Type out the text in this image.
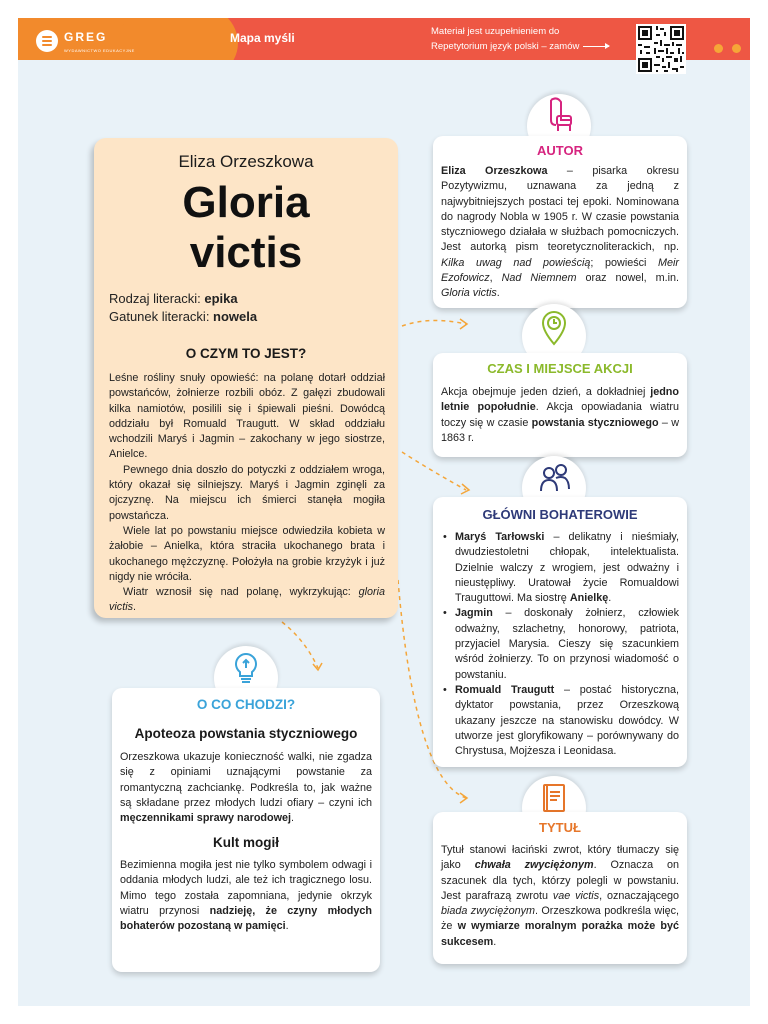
GREG
WYDAWNICTWO EDUKACYJNE
Mapa myśli	Materiał jest uzupełnieniem do
Repetytorium język polski – zamów
Eliza Orzeszkowa
Gloria
victis
Rodzaj literacki: epika
Gatunek literacki: nowela
O CZYM TO JEST?

Leśne rośliny snuły opowieść: na polanę dotarł oddział powstańców, żołnierze rozbili obóz. Z gałęzi zbudowali kilka namiotów, posilili się i śpiewali pieśni. Dowódcą oddziału był Romuald Traugutt. W skład oddziału wchodzili Maryś i Jagmin – zakochany w jego siostrze, Anielce.

Pewnego dnia doszło do potyczki z oddziałem wroga, który okazał się silniejszy. Maryś i Jagmin zginęli za ojczyznę. Na miejscu ich śmierci stanęła mogiła powstańcza.

Wiele lat po powstaniu miejsce odwiedziła kobieta w żałobie – Anielka, która straciła ukochanego brata i ukochanego mężczyznę. Położyła na grobie krzyżyk i już nigdy nie wróciła.

Wiatr wznosił się nad polanę, wykrzykując: gloria victis.

O CO CHODZI?
Apoteoza powstania styczniowego

Orzeszkowa ukazuje konieczność walki, nie zgadza się z opiniami uznającymi powstanie za romantyczną zachciankę. Podkreśla to, jak ważne są składane przez młodych ludzi ofiary – czyni ich męczennikami sprawy narodowej.

Kult mogił

Bezimienna mogiła jest nie tylko symbolem odwagi i oddania młodych ludzi, ale też ich tragicznego losu. Mimo tego została zapomniana, jedynie okrzyk wiatru przynosi nadzieję, że czyny młodych bohaterów pozostaną w pamięci.

AUTOR

Eliza Orzeszkowa – pisarka okresu Pozytywizmu, uznawana za jedną z najwybitniejszych postaci tej epoki. Nominowana do nagrody Nobla w 1905 r. W czasie powstania styczniowego działała w służbach pomocniczych. Jest autorką pism teoretycznoliterackich, np. Kilka uwag nad powieścią; powieści Meir Ezofowicz, Nad Niemnem oraz nowel, m.in. Gloria victis.

CZAS I MIEJSCE AKCJI

Akcja obejmuje jeden dzień, a dokładniej jedno letnie popołudnie. Akcja opowiadania wiatru toczy się w czasie powstania styczniowego – w 1863 r.

GŁÓWNI BOHATEROWIE
• Maryś Tarłowski – delikatny i nieśmiały, dwudziestoletni chłopak, intelektualista. Dzielnie walczy z wrogiem, jest odważny i nieustępliwy. Uratował życie Romualdowi Trauguttowi. Ma siostrę Anielkę.
• Jagmin – doskonały żołnierz, człowiek odważny, szlachetny, honorowy, patriota, przyjaciel Marysia. Cieszy się szacunkiem wśród żołnierzy. To on przynosi wiadomość o powstaniu.
• Romuald Traugutt – postać historyczna, dyktator powstania, przez Orzeszkową ukazany jeszcze na stanowisku dowódcy. W utworze jest gloryfikowany – porównywany do Chrystusa, Mojżesza i Leonidasa.
TYTUŁ

Tytuł stanowi łaciński zwrot, który tłumaczy się jako chwała zwyciężonym. Oznacza on szacunek dla tych, którzy polegli w powstaniu. Jest parafrazą zwrotu vae victis, oznaczającego biada zwyciężonym. Orzeszkowa podkreśla więc, że w wymiarze moralnym porażka może być sukcesem.
